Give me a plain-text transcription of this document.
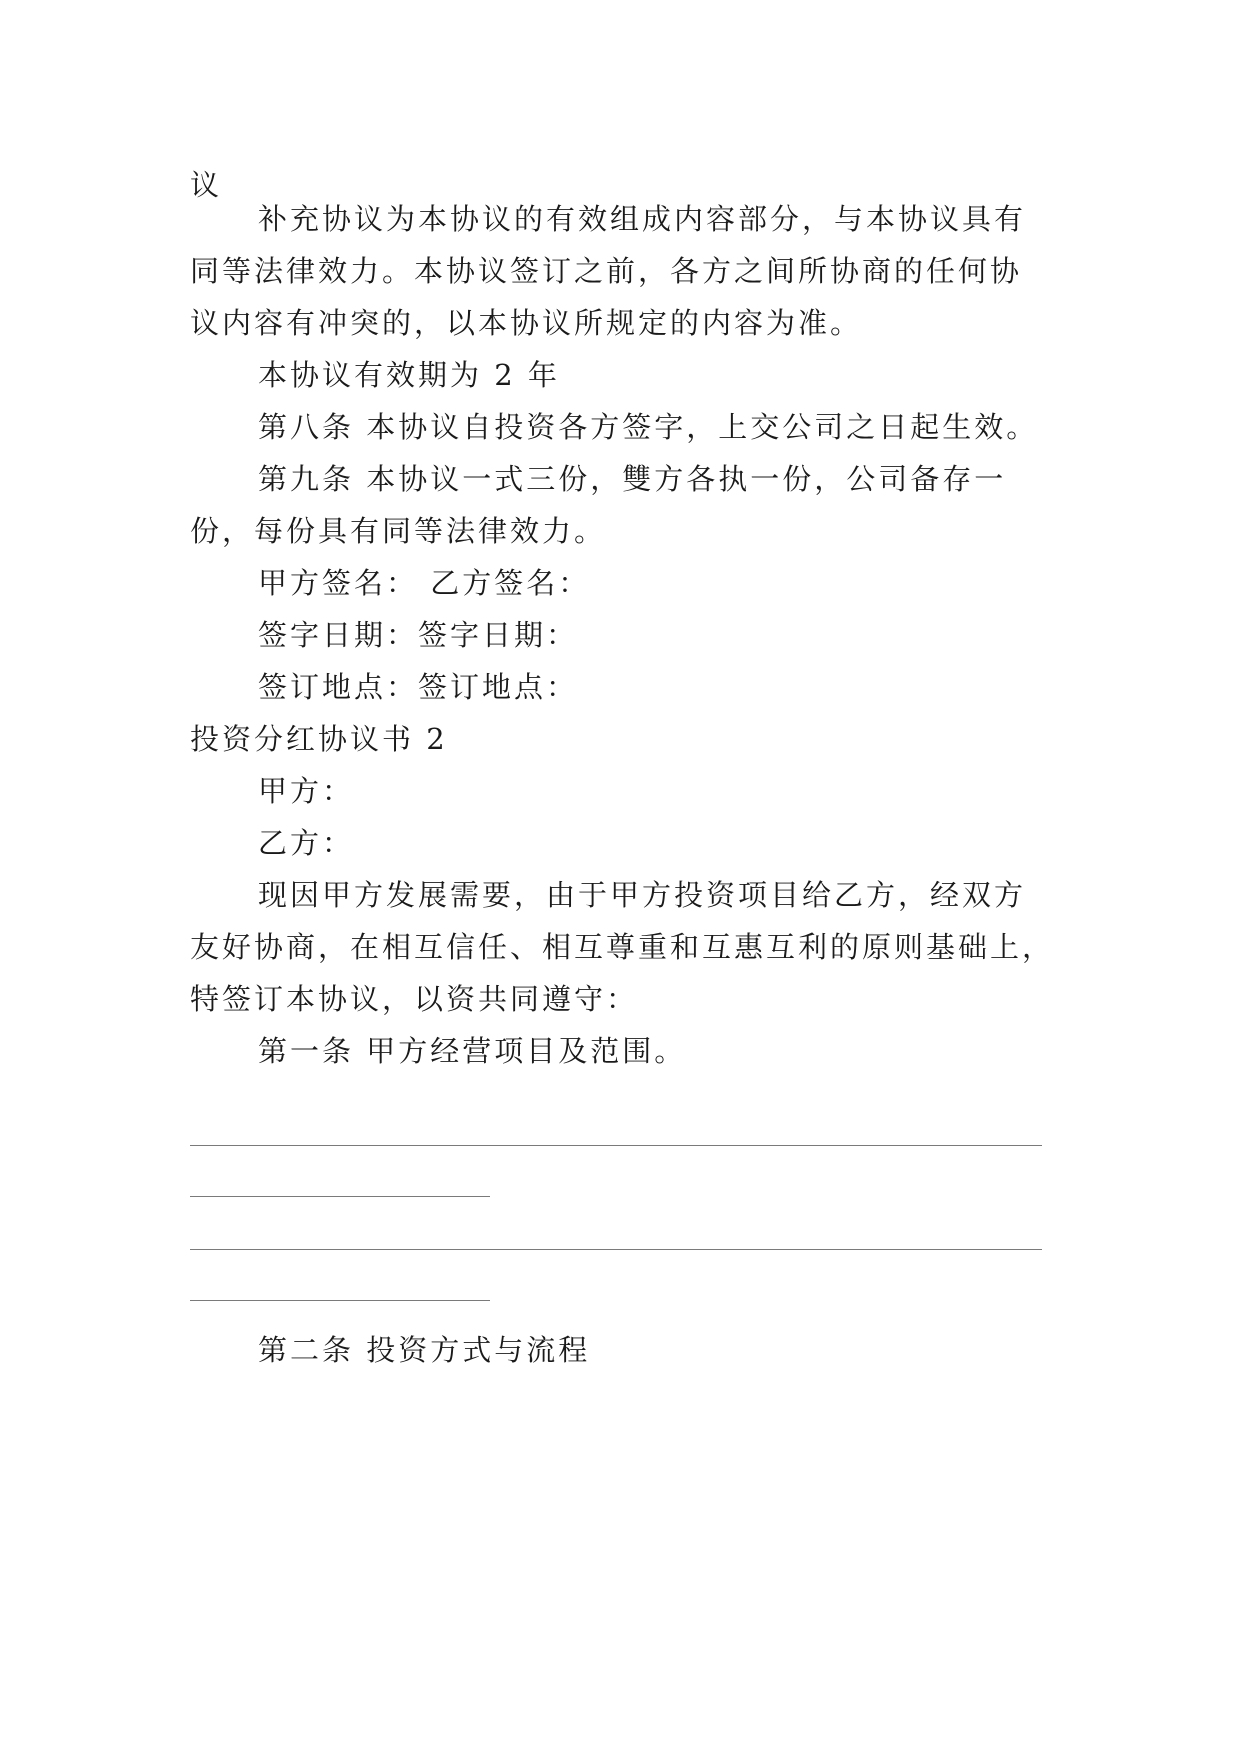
议
补充协议为本协议的有效组成内容部分，与本协议具有
同等法律效力。本协议签订之前，各方之间所协商的任何协
议内容有冲突的，以本协议所规定的内容为准。
本协议有效期为 2 年
第八条 本协议自投资各方签字，上交公司之日起生效。
第九条 本协议一式三份，雙方各执一份，公司备存一
份，每份具有同等法律效力。
甲方签名： 乙方签名：
签字日期：签字日期：
签订地点：签订地点：
投资分红协议书 2
甲方：
乙方：
现因甲方发展需要，由于甲方投资项目给乙方，经双方
友好协商，在相互信任、相互尊重和互惠互利的原则基础上，
特签订本协议，以资共同遵守：
第一条 甲方经营项目及范围。
第二条 投资方式与流程
